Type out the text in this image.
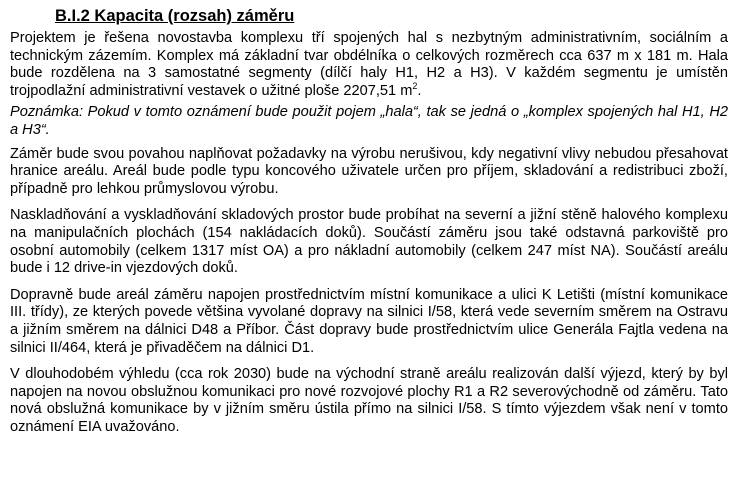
B.I.2 Kapacita (rozsah) záměru

Projektem je řešena novostavba komplexu tří spojených hal s nezbytným administrativním, sociálním a technickým zázemím. Komplex má základní tvar obdélníka o celkových rozměrech cca 637 m x 181 m. Hala bude rozdělena na 3 samostatné segmenty (dílčí haly H1, H2 a H3). V každém segmentu je umístěn trojpodlažní administrativní vestavek o užitné ploše 2207,51 $m^2$.

Poznámka: Pokud v tomto oznámení bude použit pojem „hala“, tak se jedná o „komplex spojených hal H1, H2 a H3“.

Záměr bude svou povahou naplňovat požadavky na výrobu nerušivou, kdy negativní vlivy nebudou přesahovat hranice areálu. Areál bude podle typu koncového uživatele určen pro příjem, skladování a redistribuci zboží, případně pro lehkou průmyslovou výrobu.

Naskladňování a vyskladňování skladových prostor bude probíhat na severní a jižní stěně halového komplexu na manipulačních plochách (154 nakládacích doků). Součástí záměru jsou také odstavná parkoviště pro osobní automobily (celkem 1317 míst OA) a pro nákladní automobily (celkem 247 míst NA). Součástí areálu bude i 12 drive-in vjezdových doků.

Dopravně bude areál záměru napojen prostřednictvím místní komunikace a ulici K Letišti (místní komunikace III. třídy), ze kterých povede většina vyvolané dopravy na silnici I/58, která vede severním směrem na Ostravu a jižním směrem na dálnici D48 a Příbor. Část dopravy bude prostřednictvím ulice Generála Fajtla vedena na silnici II/464, která je přivaděčem na dálnici D1.

V dlouhodobém výhledu (cca rok 2030) bude na východní straně areálu realizován další výjezd, který by byl napojen na novou obslužnou komunikaci pro nové rozvojové plochy R1 a R2 severovýchodně od záměru. Tato nová obslužná komunikace by v jižním směru ústila přímo na silnici I/58. S tímto výjezdem však není v tomto oznámení EIA uvažováno.
